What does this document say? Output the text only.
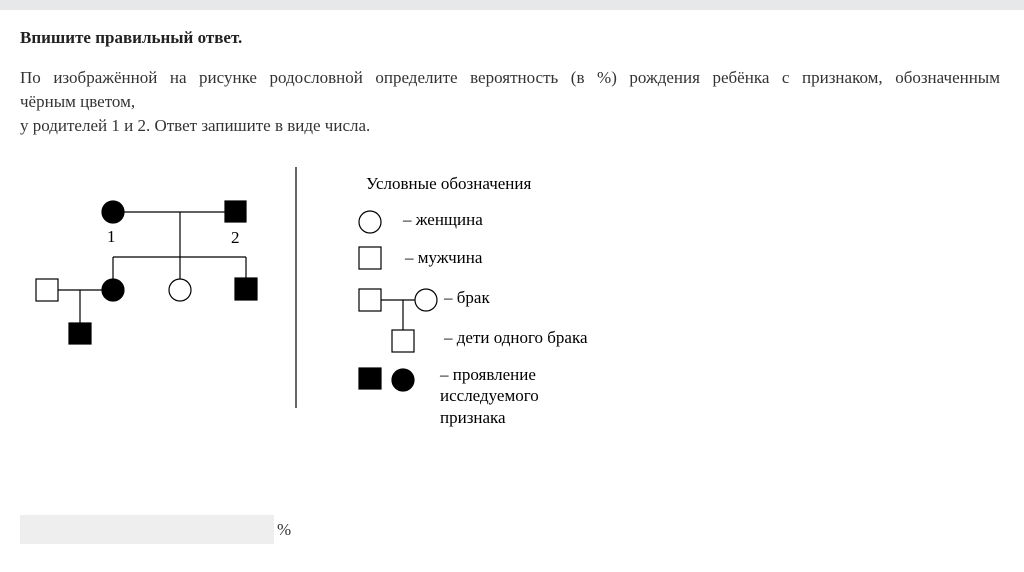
Впишите правильный ответ.

По изображённой на рисунке родословной определите вероятность (в %) рождения ребёнка с признаком, обозначенным

чёрным цветом,

у родителей 1 и 2. Ответ запишите в виде числа.

1	2
Условные обозначения
– женщина
– мужчина
– брак
– дети одного брака
– проявление
исследуемого
признака
%
